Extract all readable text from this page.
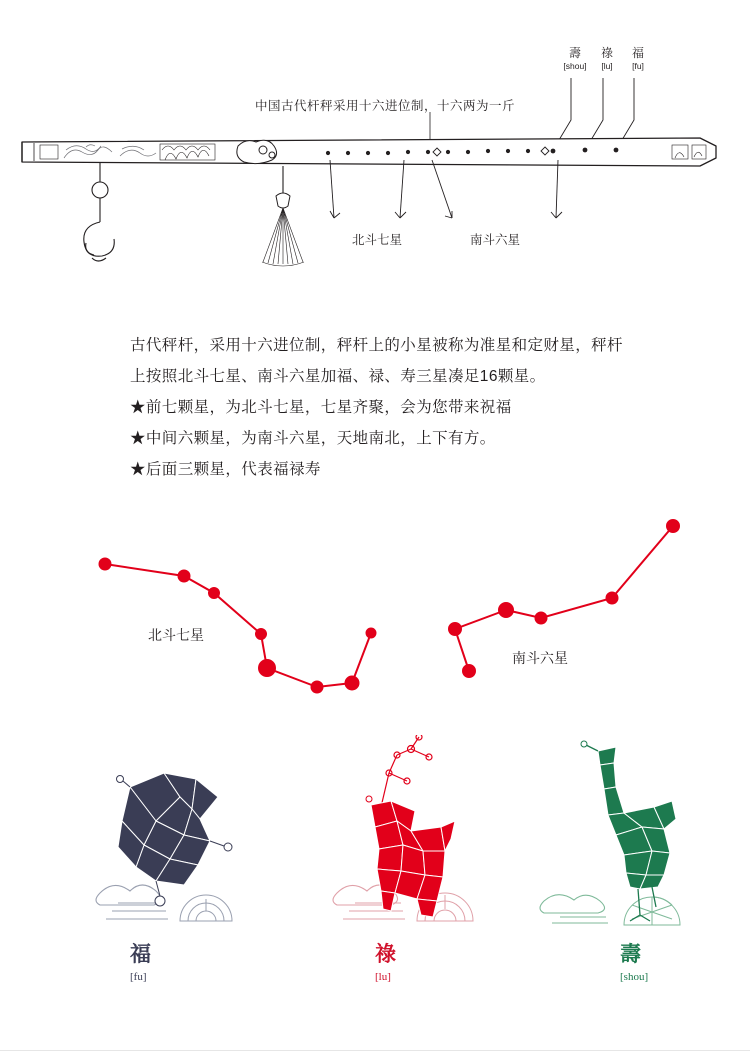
中国古代杆秤采用十六进位制，十六两为一斤
壽
[shou]
祿
[lu]
福
[fu]
北斗七星	南斗六星

古代秤杆，采用十六进位制，秤杆上的小星被称为准星和定财星，秤杆上按照北斗七星、南斗六星加福、禄、寿三星凑足16颗星。

★前七颗星，为北斗七星，七星齐聚，会为您带来祝福

★中间六颗星，为南斗六星，天地南北，上下有方。

★后面三颗星，代表福禄寿

北斗七星
南斗六星
福
[fu]
祿
[lu]
壽
[shou]
